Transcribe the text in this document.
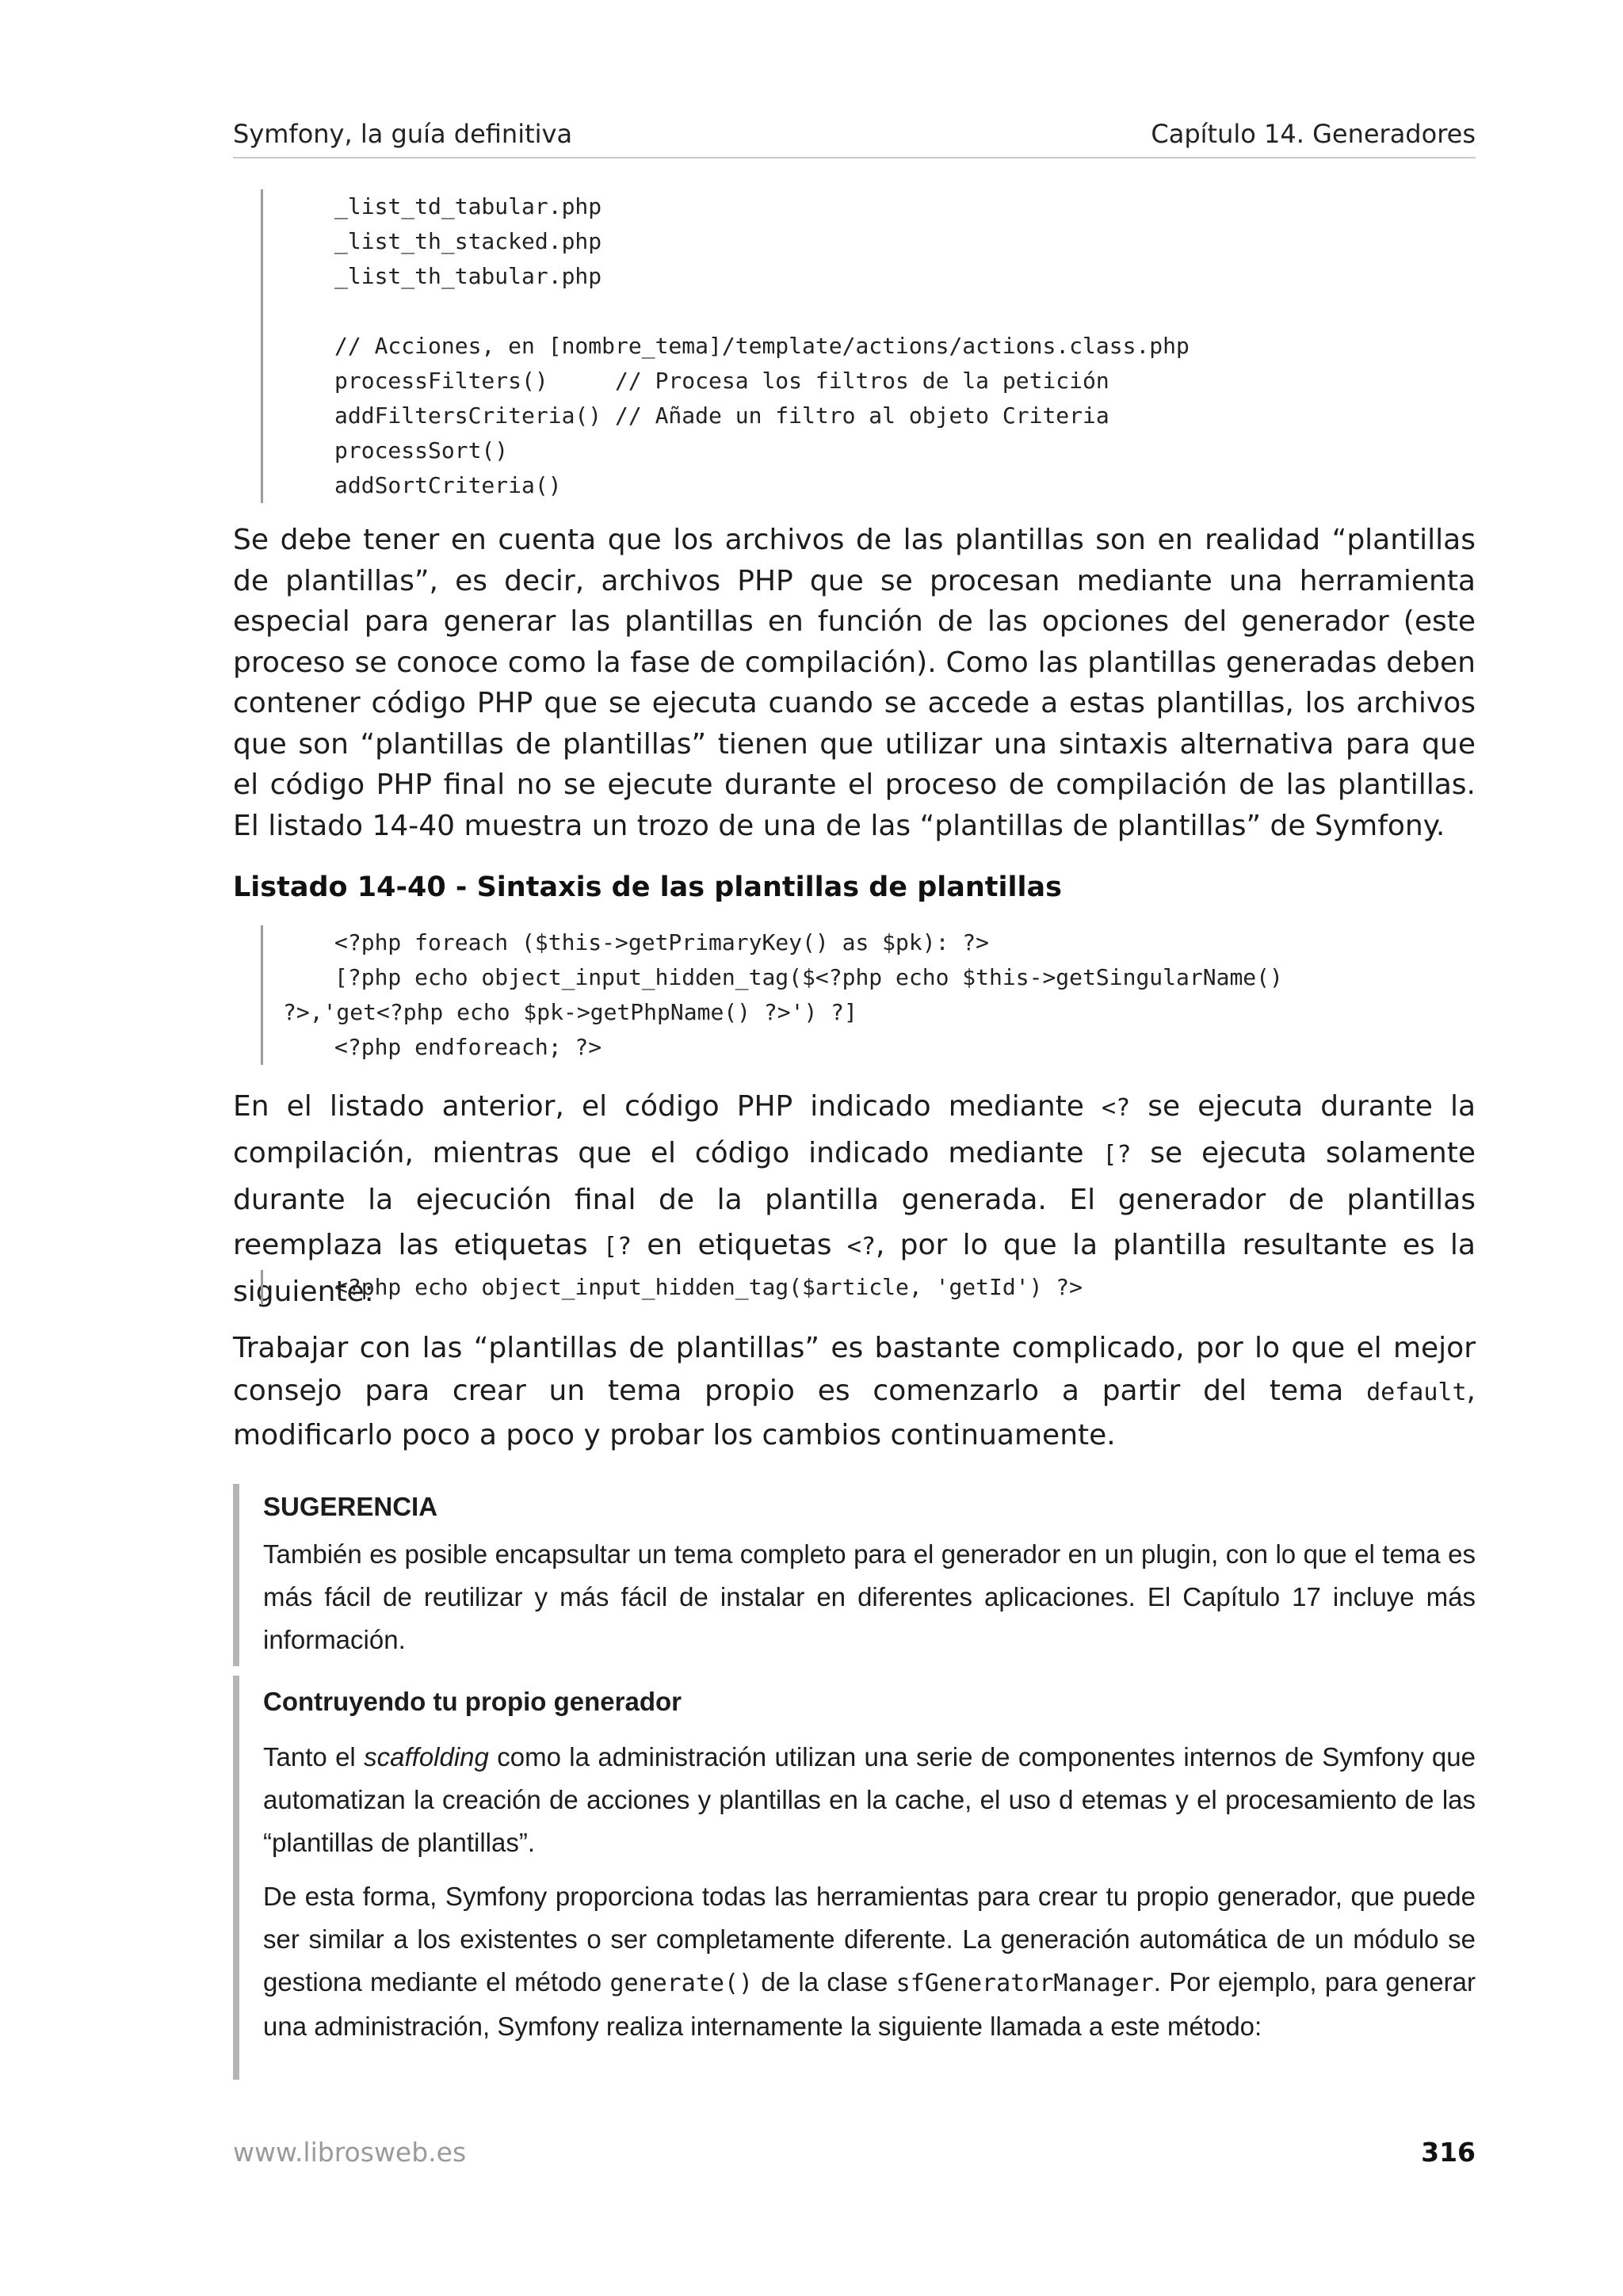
Symfony, la guía definitiva	Capítulo 14. Generadores
_list_td_tabular.php
_list_th_stacked.php
_list_th_tabular.php
// Acciones, en [nombre_tema]/template/actions/actions.class.php
processFilters()     // Procesa los filtros de la petición
addFiltersCriteria() // Añade un filtro al objeto Criteria
processSort()
addSortCriteria()

Se debe tener en cuenta que los archivos de las plantillas son en realidad “plantillas de plantillas”, es decir, archivos PHP que se procesan mediante una herramienta especial para generar las plantillas en función de las opciones del generador (este proceso se conoce como la fase de compilación). Como las plantillas generadas deben contener código PHP que se ejecuta cuando se accede a estas plantillas, los archivos que son “plantillas de plantillas” tienen que utilizar una sintaxis alternativa para que el código PHP final no se ejecute durante el proceso de compilación de las plantillas. El listado 14-40 muestra un trozo de una de las “plantillas de plantillas” de Symfony.

Listado 14-40 - Sintaxis de las plantillas de plantillas
<?php foreach ($this->getPrimaryKey() as $pk): ?>
[?php echo object_input_hidden_tag($<?php echo $this->getSingularName()
?>,'get<?php echo $pk->getPhpName() ?>') ?]
<?php endforeach; ?>

En el listado anterior, el código PHP indicado mediante <? se ejecuta durante la compilación, mientras que el código indicado mediante [? se ejecuta solamente durante la ejecución final de la plantilla generada. El generador de plantillas reemplaza las etiquetas [? en etiquetas <?, por lo que la plantilla resultante es la siguiente:

<?php echo object_input_hidden_tag($article, 'getId') ?>

Trabajar con las “plantillas de plantillas” es bastante complicado, por lo que el mejor consejo para crear un tema propio es comenzarlo a partir del tema default, modificarlo poco a poco y probar los cambios continuamente.

SUGERENCIA
También es posible encapsultar un tema completo para el generador en un plugin, con lo que el tema es más fácil de reutilizar y más fácil de instalar en diferentes aplicaciones. El Capítulo 17 incluye más información.
Contruyendo tu propio generador
Tanto el scaffolding como la administración utilizan una serie de componentes internos de Symfony que automatizan la creación de acciones y plantillas en la cache, el uso d etemas y el procesamiento de las “plantillas de plantillas”.
De esta forma, Symfony proporciona todas las herramientas para crear tu propio generador, que puede ser similar a los existentes o ser completamente diferente. La generación automática de un módulo se gestiona mediante el método generate() de la clase sfGeneratorManager. Por ejemplo, para generar una administración, Symfony realiza internamente la siguiente llamada a este método:
www.librosweb.es	316
